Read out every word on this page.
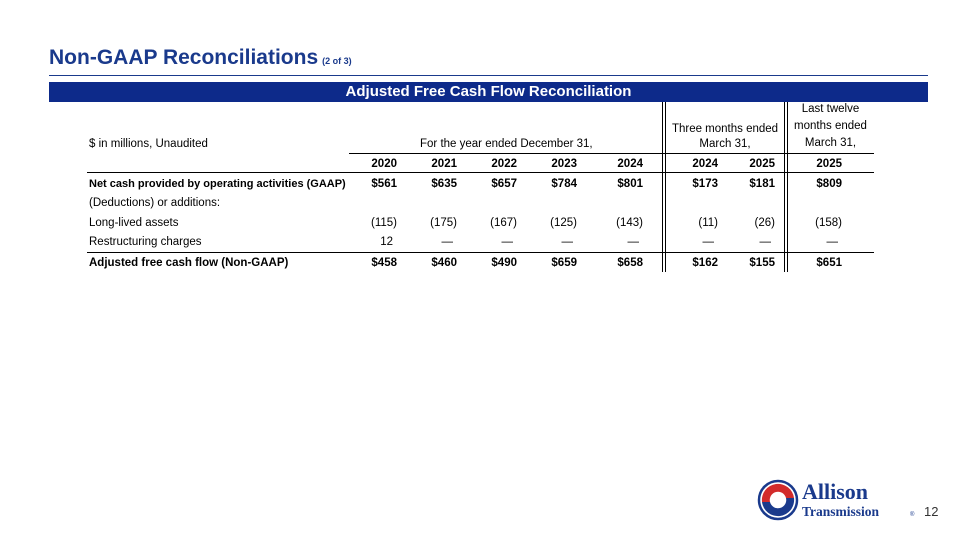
Non-GAAP Reconciliations (2 of 3)
Adjusted Free Cash Flow Reconciliation
$ in millions, Unaudited	For the year ended December 31,
Three months ended
March 31,
Last twelve
months ended
March 31,
2020	2021	2022	2023	2024	2024	2025	2025
Net cash provided by operating activities (GAAP)	$561	$635	$657	$784	$801	$173	$181	$809
(Deductions) or additions:
Long-lived assets	(115)	(175)	(167)	(125)	(143)	(11)	(26)	(158)
Restructuring charges	12	—	—	—	—	—	—	—
Adjusted free cash flow (Non-GAAP)	$458	$460	$490	$659	$658	$162	$155	$651
Allison
Transmission	® 12
